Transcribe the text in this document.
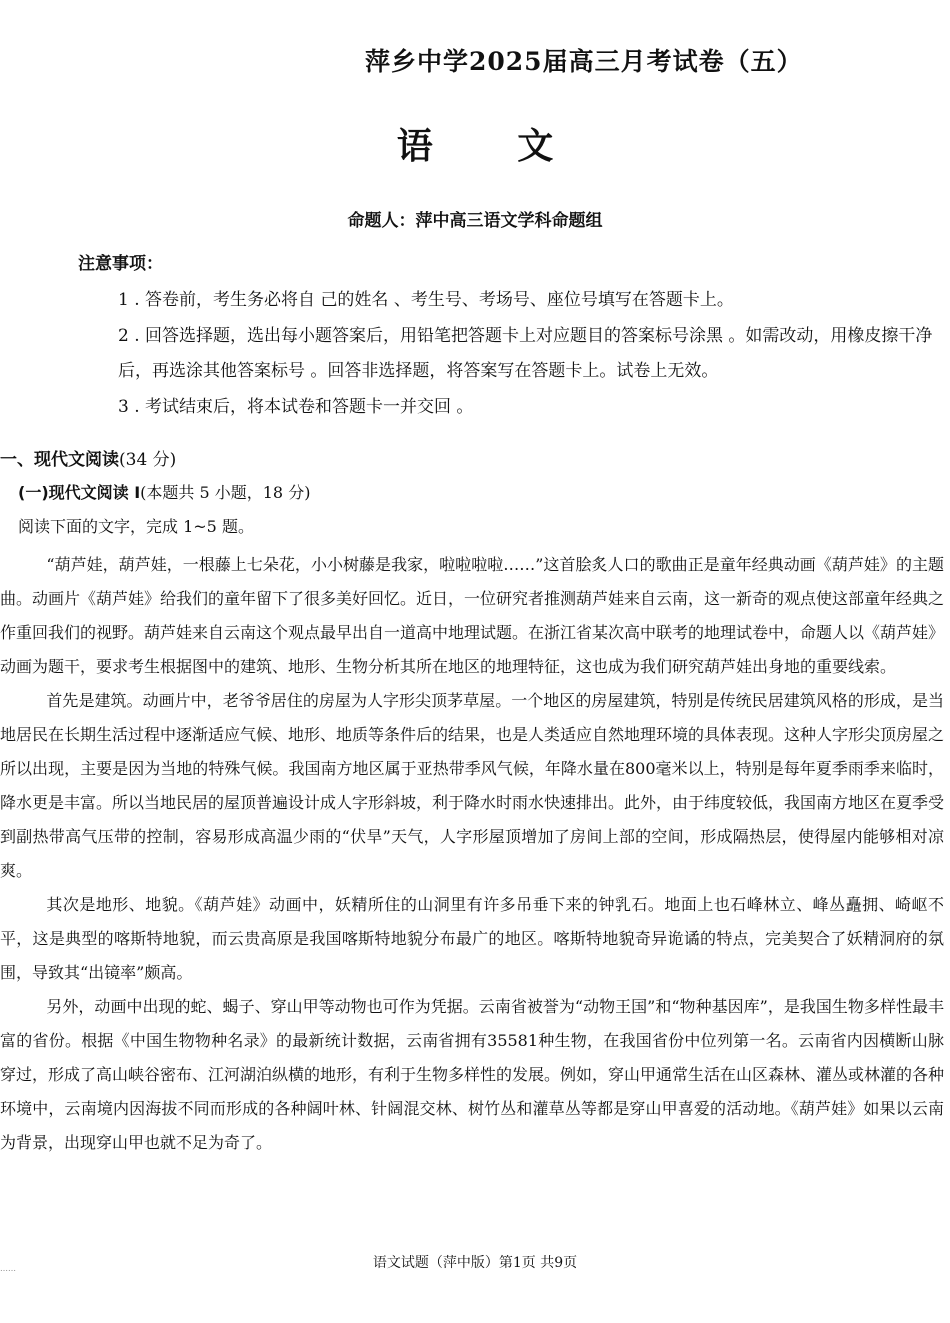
萍乡中学2025届高三月考试卷（五）
语 文
命题人：萍中高三语文学科命题组
注意事项：

1 . 答卷前，考生务必将自 己的姓名 、考生号、考场号、座位号填写在答题卡上。

2 . 回答选择题，选出每小题答案后，用铅笔把答题卡上对应题目的答案标号涂黑 。如需改动，用橡皮擦干净后，再选涂其他答案标号 。回答非选择题，将答案写在答题卡上。试卷上无效。

3 . 考试结束后，将本试卷和答题卡一并交回 。

一、现代文阅读(34 分)
(一)现代文阅读 I(本题共 5 小题，18 分)
阅读下面的文字，完成 1~5 题。

“葫芦娃，葫芦娃，一根藤上七朵花，小小树藤是我家，啦啦啦啦……”这首脍炙人口的歌曲正是童年经典动画《葫芦娃》的主题曲。动画片《葫芦娃》给我们的童年留下了很多美好回忆。近日，一位研究者推测葫芦娃来自云南，这一新奇的观点使这部童年经典之作重回我们的视野。葫芦娃来自云南这个观点最早出自一道高中地理试题。在浙江省某次高中联考的地理试卷中，命题人以《葫芦娃》动画为题干，要求考生根据图中的建筑、地形、生物分析其所在地区的地理特征，这也成为我们研究葫芦娃出身地的重要线索。

首先是建筑。动画片中，老爷爷居住的房屋为人字形尖顶茅草屋。一个地区的房屋建筑，特别是传统民居建筑风格的形成，是当地居民在长期生活过程中逐渐适应气候、地形、地质等条件后的结果，也是人类适应自然地理环境的具体表现。这种人字形尖顶房屋之所以出现，主要是因为当地的特殊气候。我国南方地区属于亚热带季风气候，年降水量在800毫米以上，特别是每年夏季雨季来临时，降水更是丰富。所以当地民居的屋顶普遍设计成人字形斜坡，利于降水时雨水快速排出。此外，由于纬度较低，我国南方地区在夏季受到副热带高气压带的控制，容易形成高温少雨的“伏旱”天气，人字形屋顶增加了房间上部的空间，形成隔热层，使得屋内能够相对凉爽。

其次是地形、地貌。《葫芦娃》动画中，妖精所住的山洞里有许多吊垂下来的钟乳石。地面上也石峰林立、峰丛矗拥、崎岖不平，这是典型的喀斯特地貌，而云贵高原是我国喀斯特地貌分布最广的地区。喀斯特地貌奇异诡谲的特点，完美契合了妖精洞府的氛围，导致其“出镜率”颇高。

另外，动画中出现的蛇、蝎子、穿山甲等动物也可作为凭据。云南省被誉为“动物王国”和“物种基因库”，是我国生物多样性最丰富的省份。根据《中国生物物种名录》的最新统计数据，云南省拥有35581种生物，在我国省份中位列第一名。云南省内因横断山脉穿过，形成了高山峡谷密布、江河湖泊纵横的地形，有利于生物多样性的发展。例如，穿山甲通常生活在山区森林、灌丛或林灌的各种环境中，云南境内因海拔不同而形成的各种阔叶林、针阔混交林、树竹丛和灌草丛等都是穿山甲喜爱的活动地。《葫芦娃》如果以云南为背景，出现穿山甲也就不足为奇了。

……	语文试题（萍中版）第1页 共9页
